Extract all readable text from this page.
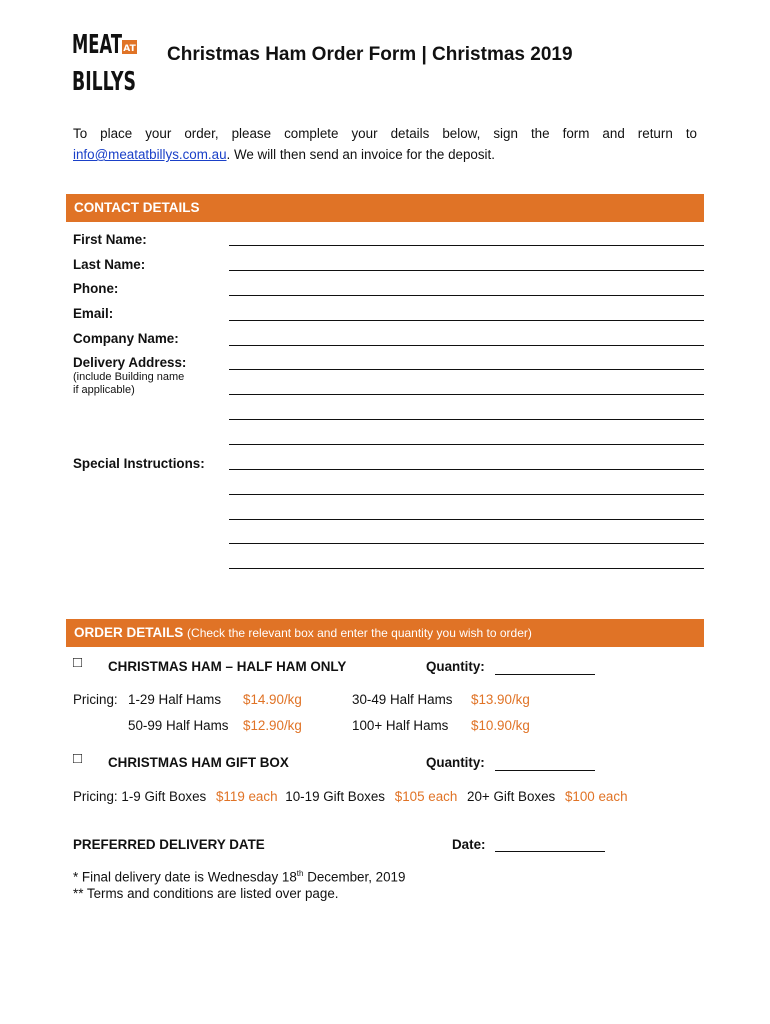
MEAT AT
BILLYS
Christmas Ham Order Form | Christmas 2019
To place your order, please complete your details below, sign the form and return to info@meatatbillys.com.au. We will then send an invoice for the deposit.
CONTACT DETAILS
First Name:
Last Name:
Phone:
Email:
Company Name:
Delivery Address:
(include Building name
if applicable)
Special Instructions:
ORDER DETAILS (Check the relevant box and enter the quantity you wish to order)
□ CHRISTMAS HAM – HALF HAM ONLY	Quantity:
Pricing: 1-29 Half Hams $14.90/kg	30-49 Half Hams $13.90/kg
50-99 Half Hams $12.90/kg	100+ Half Hams $10.90/kg
□ CHRISTMAS HAM GIFT BOX	Quantity:
Pricing: 1-9 Gift Boxes $119 each 10-19 Gift Boxes $105 each 20+ Gift Boxes $100 each
PREFERRED DELIVERY DATE	Date:
* Final delivery date is Wednesday 18th December, 2019
** Terms and conditions are listed over page.
